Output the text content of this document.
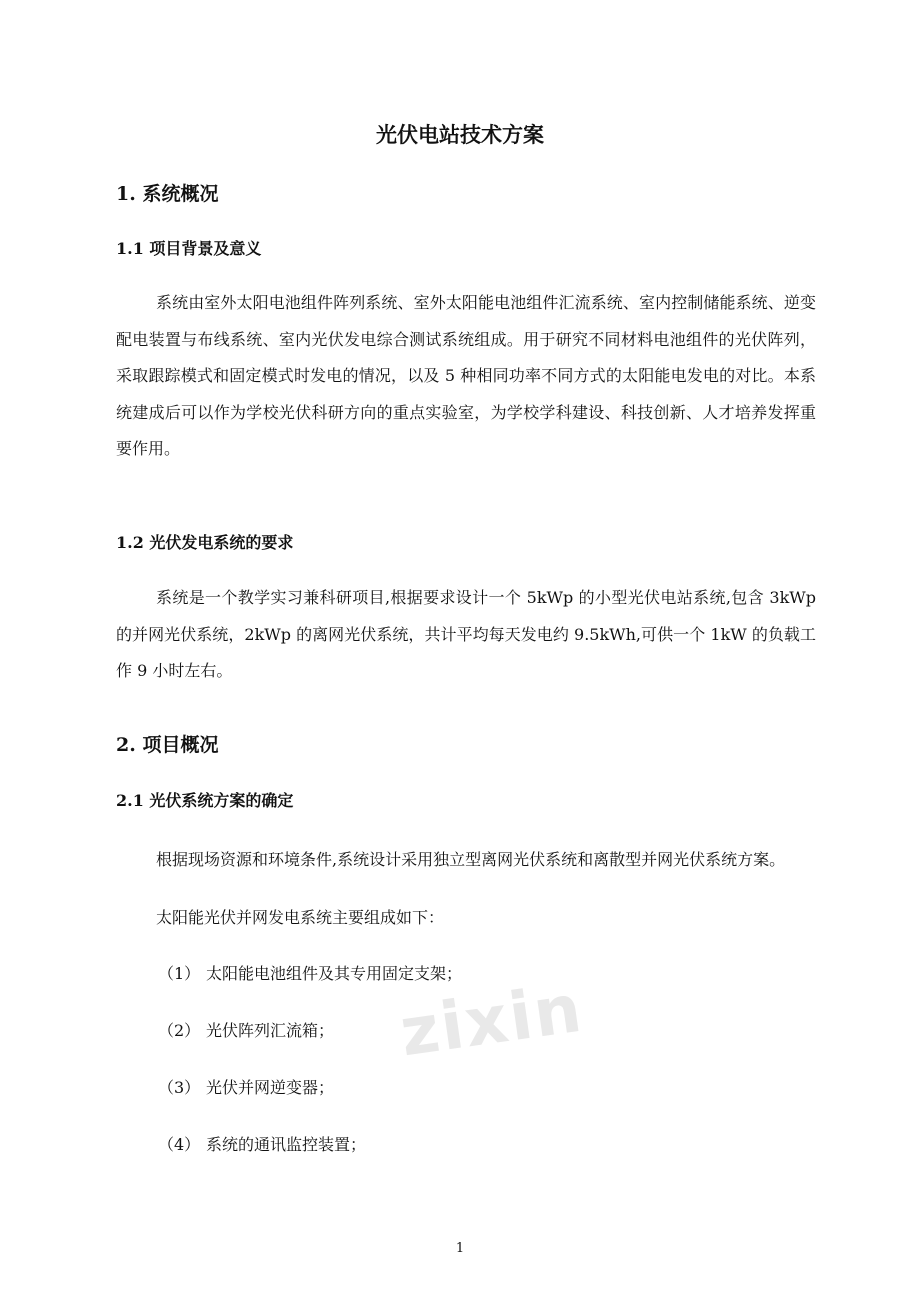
zixin
光伏电站技术方案
1. 系统概况
1.1 项目背景及意义

系统由室外太阳电池组件阵列系统、室外太阳能电池组件汇流系统、室内控制储能系统、逆变配电装置与布线系统、室内光伏发电综合测试系统组成。用于研究不同材料电池组件的光伏阵列，采取跟踪模式和固定模式时发电的情况，以及 5 种相同功率不同方式的太阳能电发电的对比。本系统建成后可以作为学校光伏科研方向的重点实验室，为学校学科建设、科技创新、人才培养发挥重要作用。

1.2 光伏发电系统的要求

系统是一个教学实习兼科研项目,根据要求设计一个 5kWp 的小型光伏电站系统,包含 3kWp 的并网光伏系统，2kWp 的离网光伏系统，共计平均每天发电约 9.5kWh,可供一个 1kW 的负载工作 9 小时左右。

2. 项目概况
2.1 光伏系统方案的确定

根据现场资源和环境条件,系统设计采用独立型离网光伏系统和离散型并网光伏系统方案。

太阳能光伏并网发电系统主要组成如下：

（1） 太阳能电池组件及其专用固定支架；

（2） 光伏阵列汇流箱；

（3） 光伏并网逆变器；

（4） 系统的通讯监控装置；

1
